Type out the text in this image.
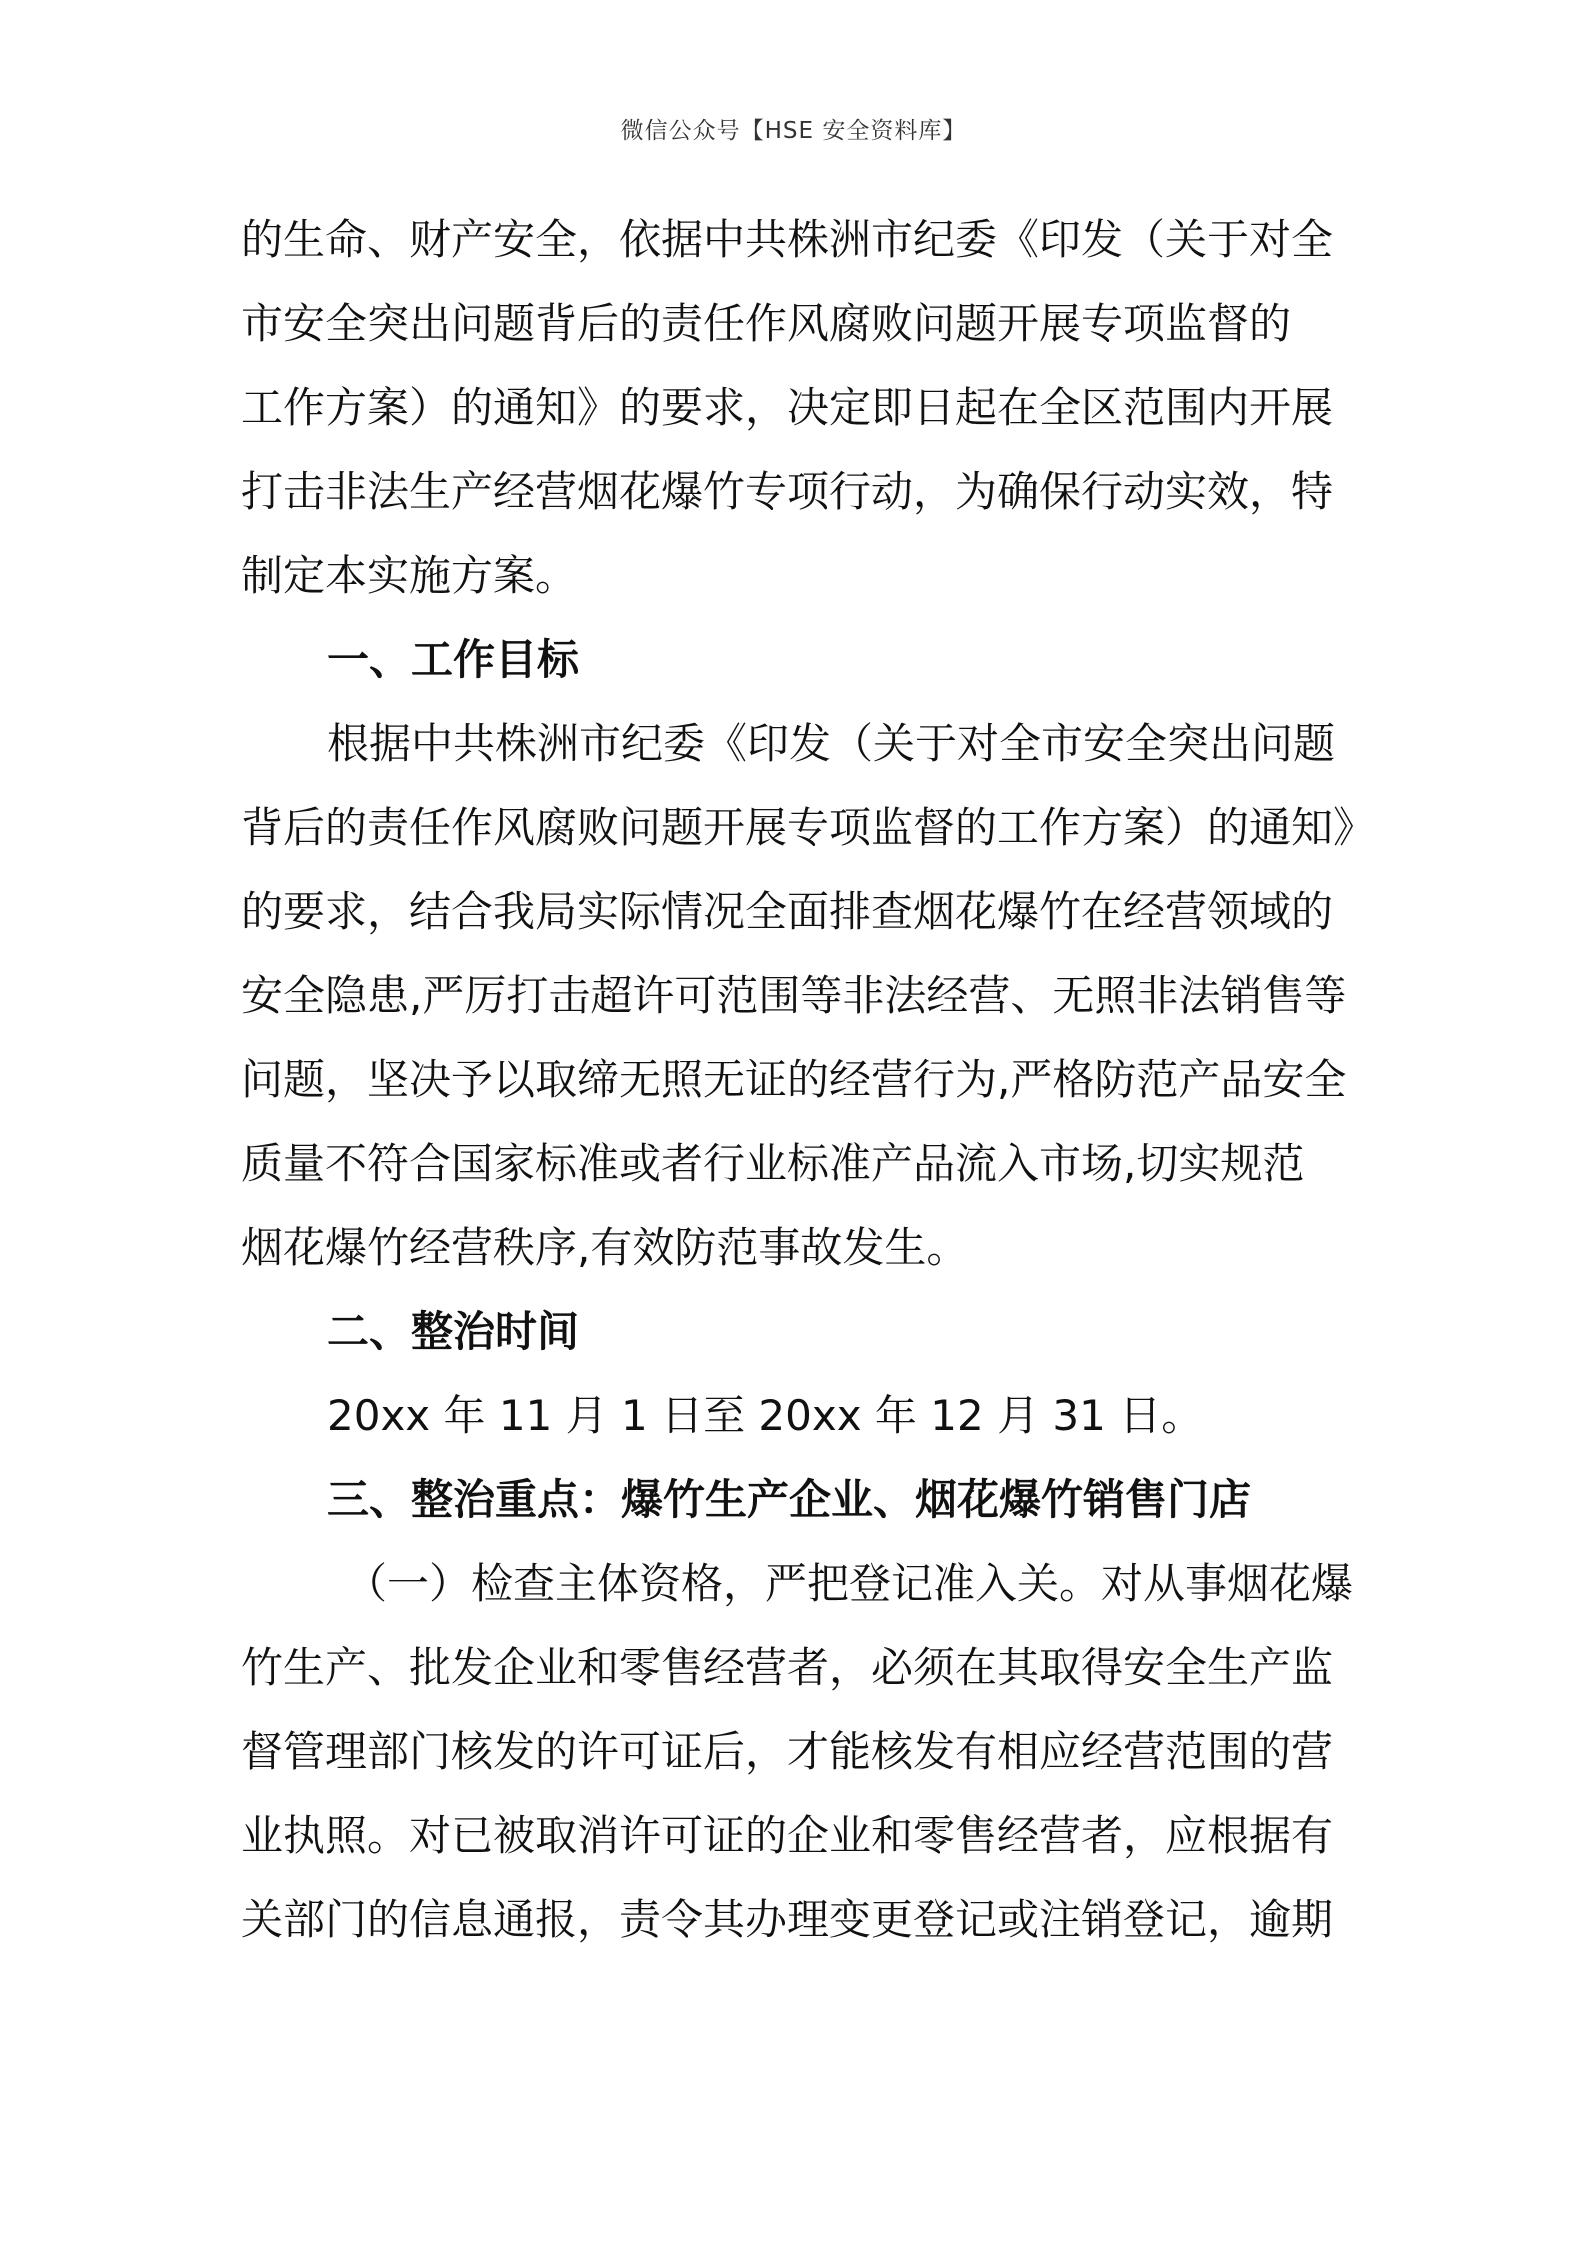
微信公众号【HSE 安全资料库】
的生命、财产安全，依据中共株洲市纪委《印发（关于对全
市安全突出问题背后的责任作风腐败问题开展专项监督的
工作方案）的通知》的要求，决定即日起在全区范围内开展
打击非法生产经营烟花爆竹专项行动，为确保行动实效，特
制定本实施方案。
一、工作目标
根据中共株洲市纪委《印发（关于对全市安全突出问题
背后的责任作风腐败问题开展专项监督的工作方案）的通知》
的要求，结合我局实际情况全面排查烟花爆竹在经营领域的
安全隐患,严厉打击超许可范围等非法经营、无照非法销售等
问题，坚决予以取缔无照无证的经营行为,严格防范产品安全
质量不符合国家标准或者行业标准产品流入市场,切实规范
烟花爆竹经营秩序,有效防范事故发生。
二、整治时间
20xx 年 11 月 1 日至 20xx 年 12 月 31 日。
三、整治重点：爆竹生产企业、烟花爆竹销售门店
（一）检查主体资格，严把登记准入关。对从事烟花爆
竹生产、批发企业和零售经营者，必须在其取得安全生产监
督管理部门核发的许可证后，才能核发有相应经营范围的营
业执照。对已被取消许可证的企业和零售经营者，应根据有
关部门的信息通报，责令其办理变更登记或注销登记，逾期
